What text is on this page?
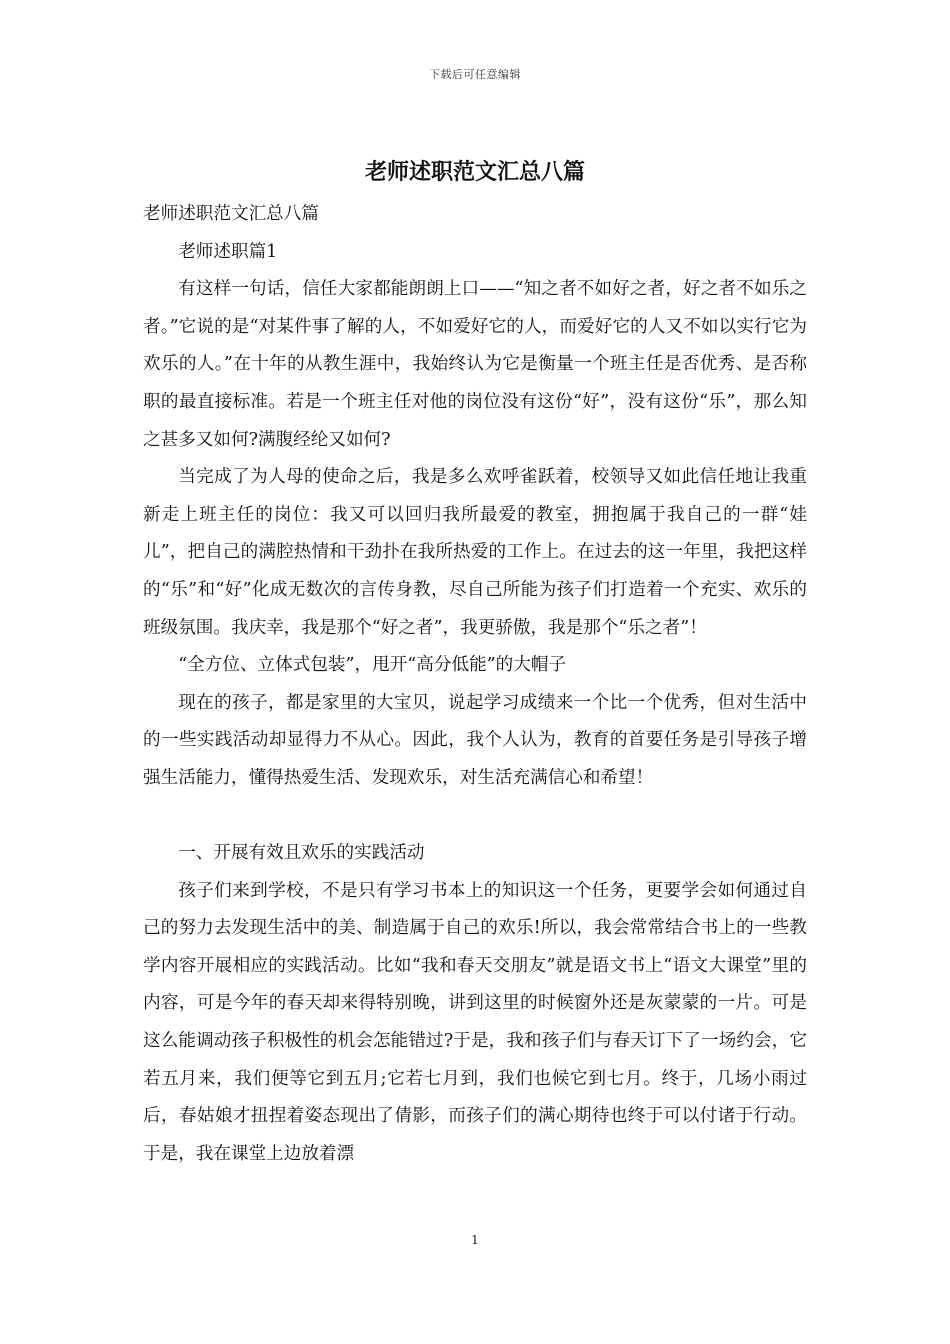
下载后可任意编辑
老师述职范文汇总八篇

老师述职范文汇总八篇

老师述职篇1

有这样一句话，信任大家都能朗朗上口——“知之者不如好之者，好之者不如乐之者。”它说的是“对某件事了解的人，不如爱好它的人，而爱好它的人又不如以实行它为欢乐的人。”在十年的从教生涯中，我始终认为它是衡量一个班主任是否优秀、是否称职的最直接标准。若是一个班主任对他的岗位没有这份“好”，没有这份“乐”，那么知之甚多又如何?满腹经纶又如何?

当完成了为人母的使命之后，我是多么欢呼雀跃着，校领导又如此信任地让我重新走上班主任的岗位：我又可以回归我所最爱的教室，拥抱属于我自己的一群“娃儿”，把自己的满腔热情和干劲扑在我所热爱的工作上。在过去的这一年里，我把这样的“乐”和“好”化成无数次的言传身教，尽自己所能为孩子们打造着一个充实、欢乐的班级氛围。我庆幸，我是那个“好之者”，我更骄傲，我是那个“乐之者”！

“全方位、立体式包装”，甩开“高分低能”的大帽子

现在的孩子，都是家里的大宝贝，说起学习成绩来一个比一个优秀，但对生活中的一些实践活动却显得力不从心。因此，我个人认为，教育的首要任务是引导孩子增强生活能力，懂得热爱生活、发现欢乐，对生活充满信心和希望！

一、开展有效且欢乐的实践活动

孩子们来到学校，不是只有学习书本上的知识这一个任务，更要学会如何通过自己的努力去发现生活中的美、制造属于自己的欢乐!所以，我会常常结合书上的一些教学内容开展相应的实践活动。比如“我和春天交朋友”就是语文书上“语文大课堂”里的内容，可是今年的春天却来得特别晚，讲到这里的时候窗外还是灰蒙蒙的一片。可是这么能调动孩子积极性的机会怎能错过?于是，我和孩子们与春天订下了一场约会，它若五月来，我们便等它到五月;它若七月到，我们也候它到七月。终于，几场小雨过后，春姑娘才扭捏着姿态现出了倩影，而孩子们的满心期待也终于可以付诸于行动。于是，我在课堂上边放着漂

1
